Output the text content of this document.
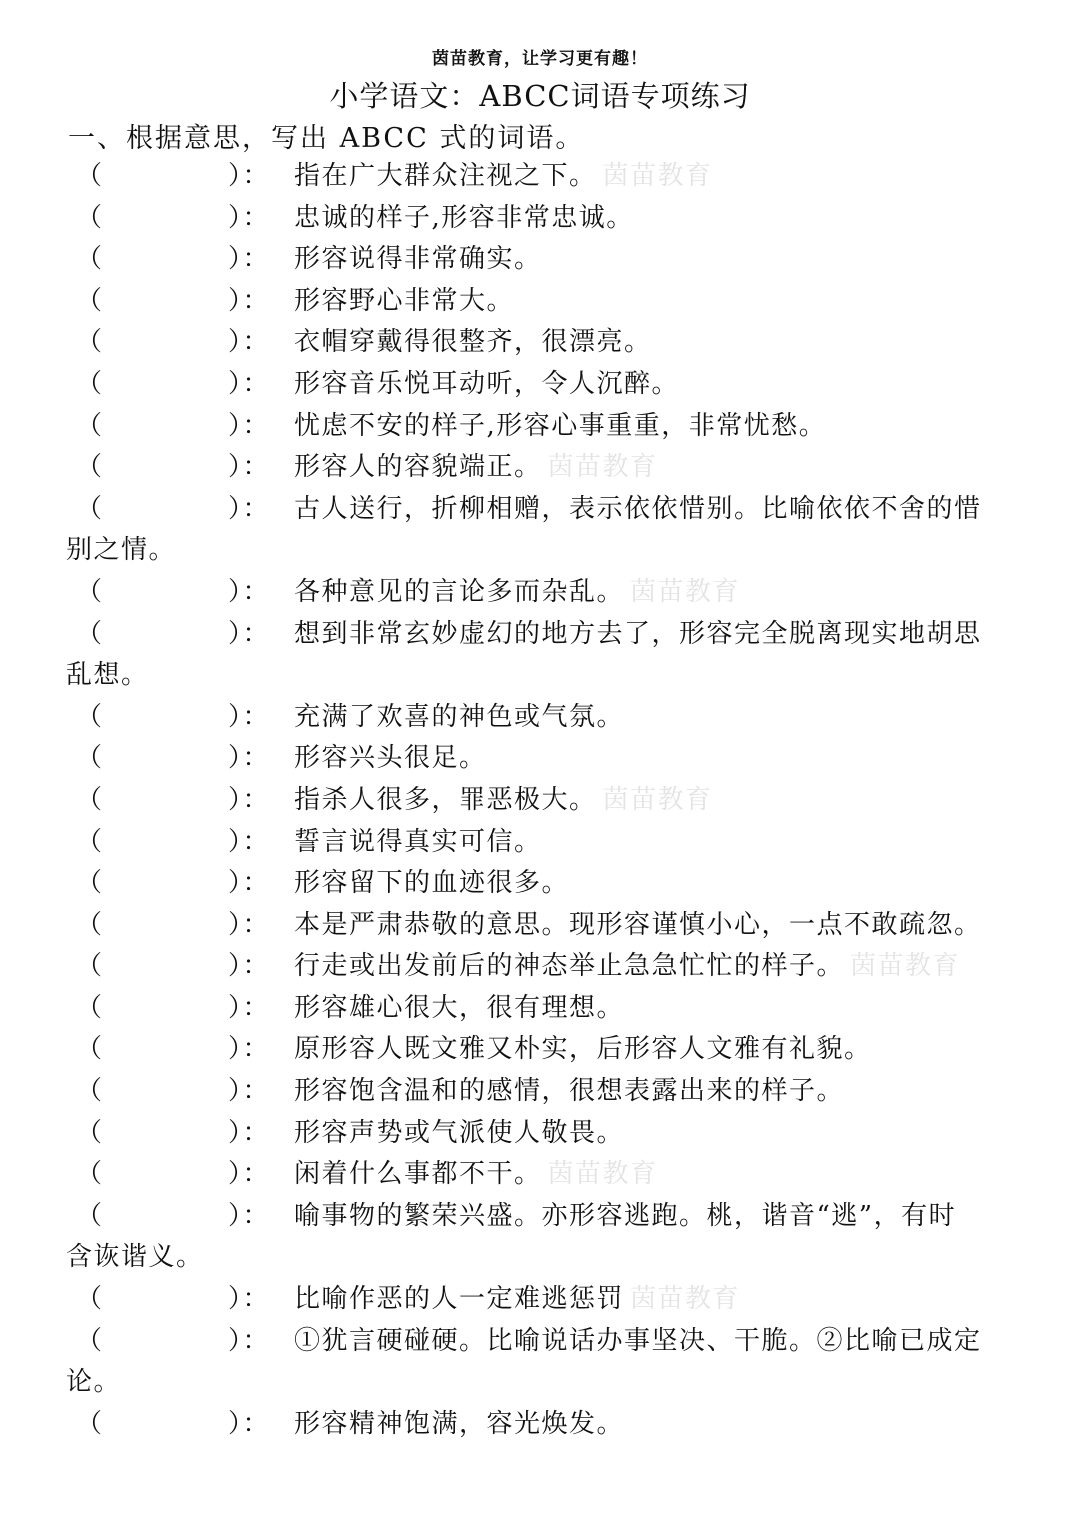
茵苗教育，让学习更有趣！
小学语文：ABCC词语专项练习
一、根据意思，写出 ABCC 式的词语。
（	）： 指在广大群众注视之下。 茵苗教育
（	）： 忠诚的样子,形容非常忠诚。
（	）： 形容说得非常确实。
（	）： 形容野心非常大。
（	）： 衣帽穿戴得很整齐，很漂亮。
（	）： 形容音乐悦耳动听，令人沉醉。
（	）： 忧虑不安的样子,形容心事重重，非常忧愁。
（	）： 形容人的容貌端正。 茵苗教育
（	）： 古人送行，折柳相赠，表示依依惜别。比喻依依不舍的惜
别之情。
（	）： 各种意见的言论多而杂乱。 茵苗教育
（	）： 想到非常玄妙虚幻的地方去了，形容完全脱离现实地胡思
乱想。
（	）： 充满了欢喜的神色或气氛。
（	）： 形容兴头很足。
（	）： 指杀人很多，罪恶极大。 茵苗教育
（	）： 誓言说得真实可信。
（	）： 形容留下的血迹很多。
（	）： 本是严肃恭敬的意思。现形容谨慎小心，一点不敢疏忽。
（	）： 行走或出发前后的神态举止急急忙忙的样子。 茵苗教育
（	）： 形容雄心很大，很有理想。
（	）： 原形容人既文雅又朴实，后形容人文雅有礼貌。
（	）： 形容饱含温和的感情，很想表露出来的样子。
（	）： 形容声势或气派使人敬畏。
（	）： 闲着什么事都不干。 茵苗教育
（	）： 喻事物的繁荣兴盛。亦形容逃跑。桃，谐音“逃”，有时
含诙谐义。
（	）： 比喻作恶的人一定难逃惩罚 茵苗教育
（	）： ①犹言硬碰硬。比喻说话办事坚决、干脆。②比喻已成定
论。
（	）： 形容精神饱满，容光焕发。
